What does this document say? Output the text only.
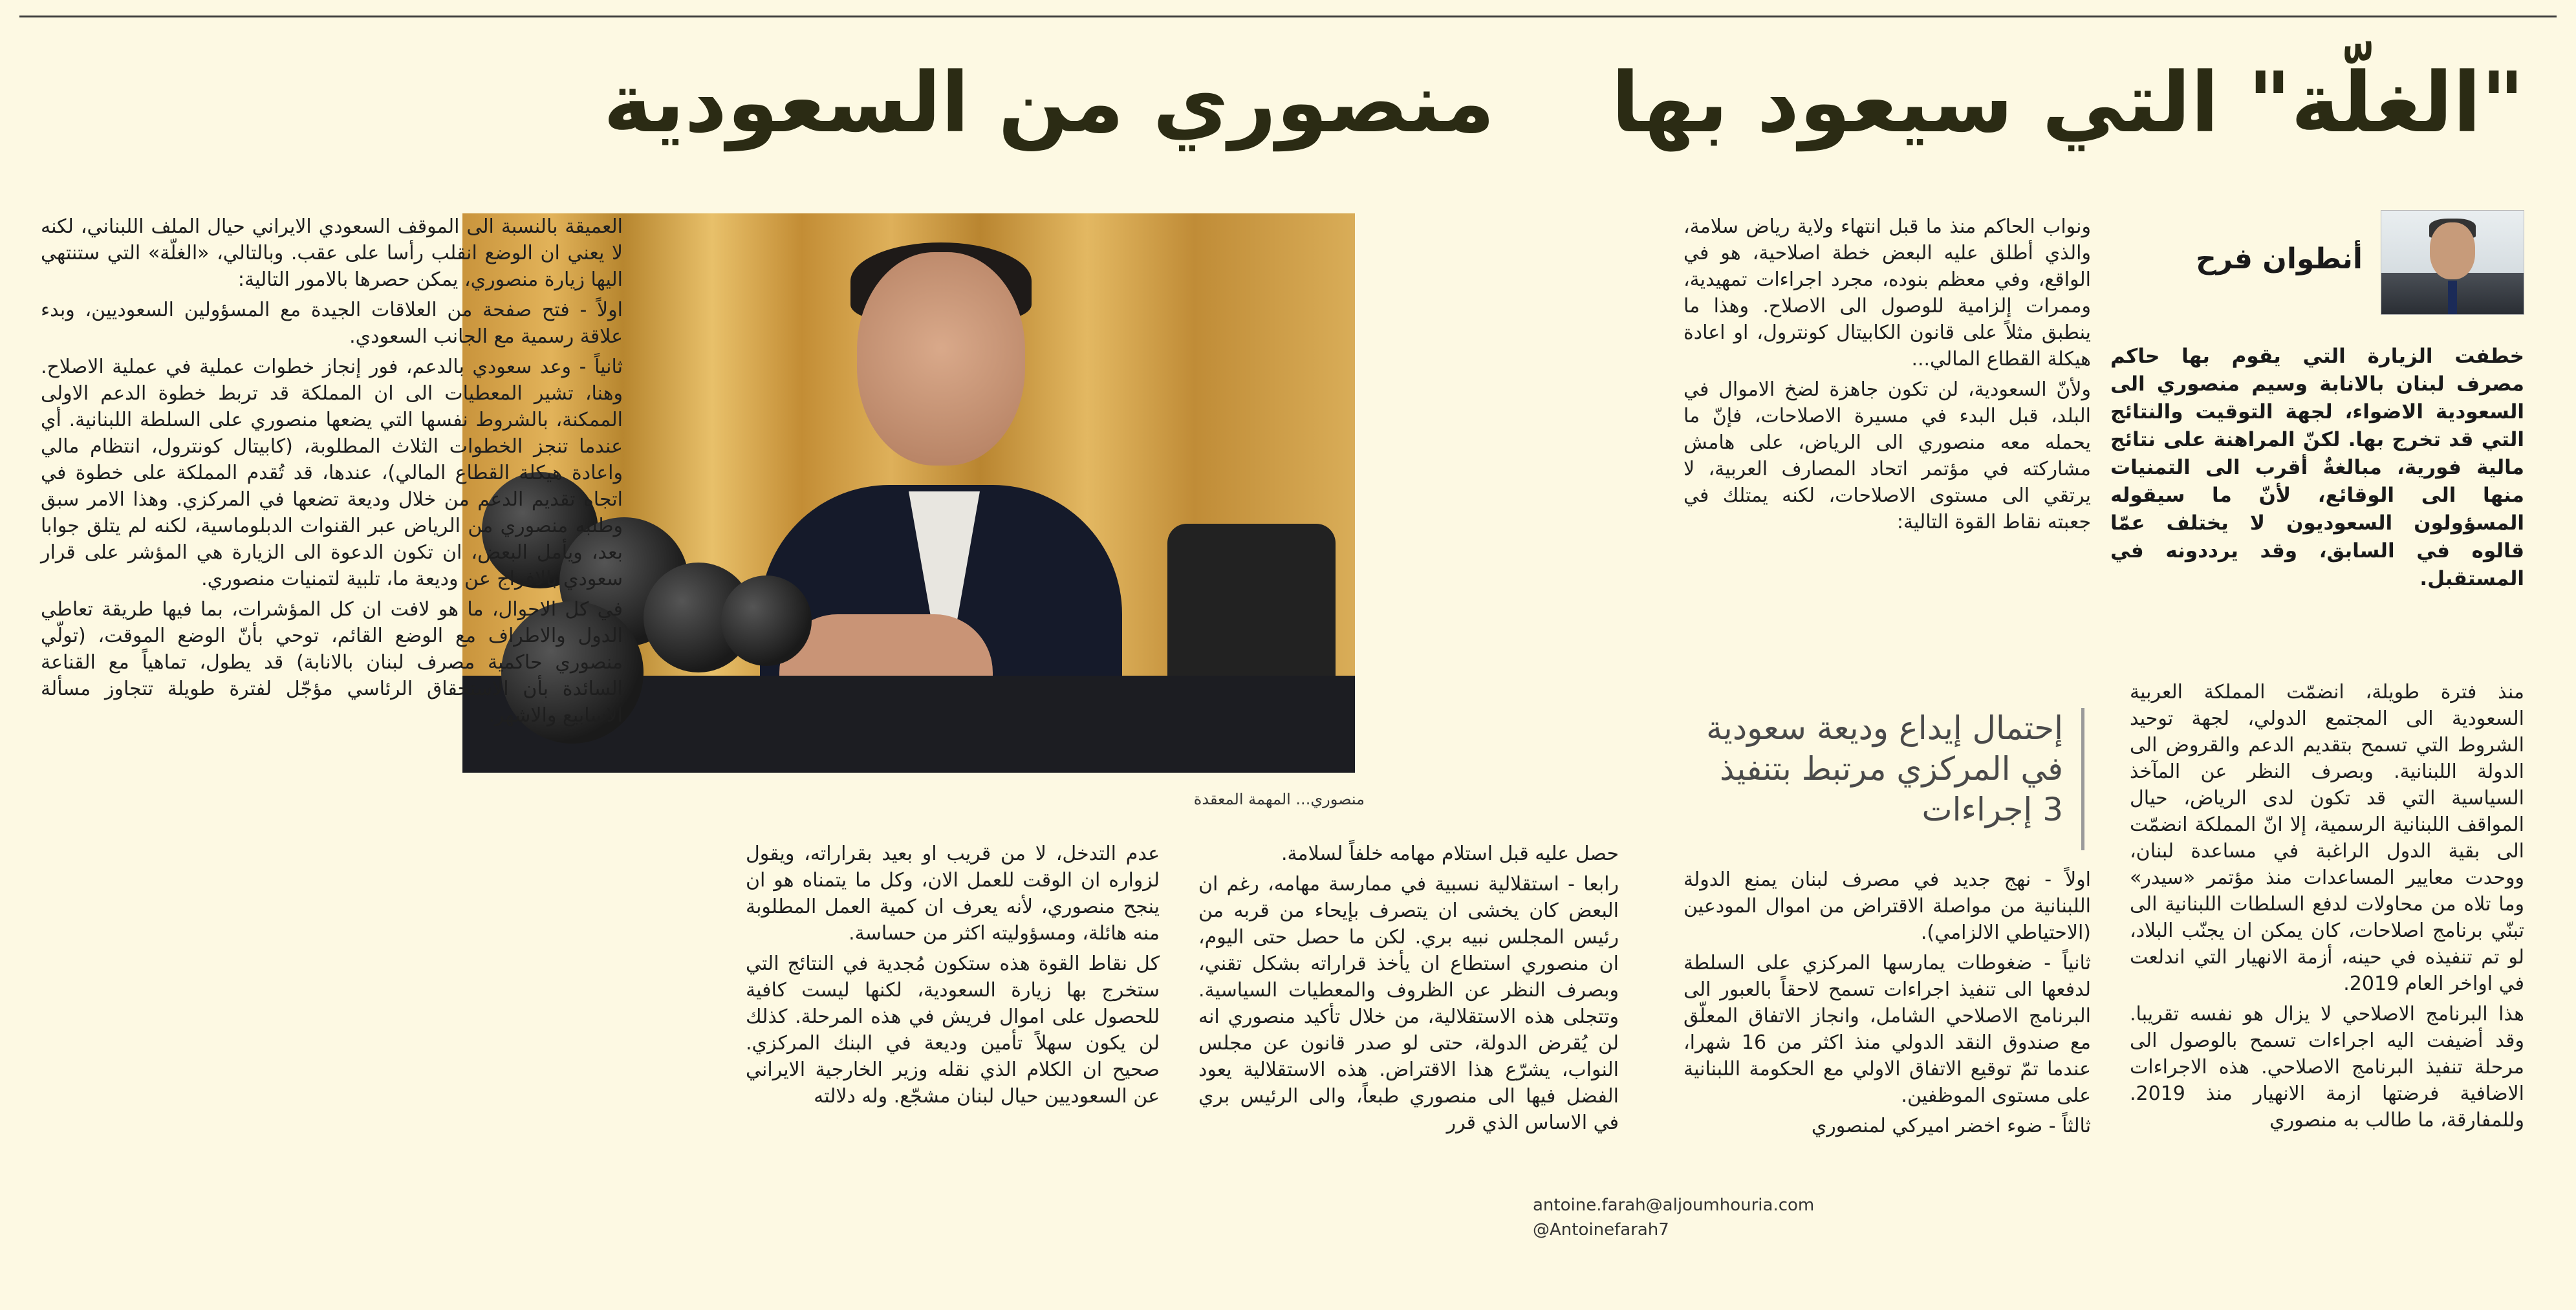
"الغلّة" التي سيعود بها
منصوري من السعودية
أنطوان فرح
خطفت الزيارة التي يقوم بها حاكم مصرف لبنان بالانابة وسيم منصوري الى السعودية الاضواء، لجهة التوقيت والنتائج التي قد تخرج بها. لكنّ المراهنة على نتائج مالية فورية، مبالغةٌ أقرب الى التمنيات منها الى الوقائع، لأنّ ما سيقوله المسؤولون السعوديون لا يختلف عمّا قالوه في السابق، وقد يرددونه في المستقبل.

منذ فترة طويلة، انضمّت المملكة العربية السعودية الى المجتمع الدولي، لجهة توحيد الشروط التي تسمح بتقديم الدعم والقروض الى الدولة اللبنانية. وبصرف النظر عن المآخذ السياسية التي قد تكون لدى الرياض، حيال المواقف اللبنانية الرسمية، إلا انّ المملكة انضمّت الى بقية الدول الراغبة في مساعدة لبنان، ووحدت معايير المساعدات منذ مؤتمر «سيدر» وما تلاه من محاولات لدفع السلطات اللبنانية الى تبنّي برنامج اصلاحات، كان يمكن ان يجنّب البلاد، لو تم تنفيذه في حينه، أزمة الانهيار التي اندلعت في اواخر العام 2019.

هذا البرنامج الاصلاحي لا يزال هو نفسه تقريبا. وقد أضيفت اليه اجراءات تسمح بالوصول الى مرحلة تنفيذ البرنامج الاصلاحي. هذه الاجراءات الاضافية فرضتها ازمة الانهيار منذ 2019. وللمفارقة، ما طالب به منصوري

ونواب الحاكم منذ ما قبل انتهاء ولاية رياض سلامة، والذي أطلق عليه البعض خطة اصلاحية، هو في الواقع، وفي معظم بنوده، مجرد اجراءات تمهيدية، وممرات إلزامية للوصول الى الاصلاح. وهذا ما ينطبق مثلاً على قانون الكابيتال كونترول، او اعادة هيكلة القطاع المالي...

ولأنّ السعودية، لن تكون جاهزة لضخ الاموال في البلد، قبل البدء في مسيرة الاصلاحات، فإنّ ما يحمله معه منصوري الى الرياض، على هامش مشاركته في مؤتمر اتحاد المصارف العربية، لا يرتقي الى مستوى الاصلاحات، لكنه يمتلك في جعبته نقاط القوة التالية:

إحتمال إيداع وديعة سعودية في المركزي مرتبط بتنفيذ 3 إجراءات

اولاً - نهج جديد في مصرف لبنان يمنع الدولة اللبنانية من مواصلة الاقتراض من اموال المودعين (الاحتياطي الالزامي).

ثانياً - ضغوطات يمارسها المركزي على السلطة لدفعها الى تنفيذ اجراءات تسمح لاحقاً بالعبور الى البرنامج الاصلاحي الشامل، وانجاز الاتفاق المعلّق مع صندوق النقد الدولي منذ اكثر من 16 شهرا، عندما تمّ توقيع الاتفاق الاولي مع الحكومة اللبنانية على مستوى الموظفين.

ثالثاً - ضوء اخضر اميركي لمنصوري

منصوري... المهمة المعقدة

حصل عليه قبل استلام مهامه خلفاً لسلامة.

رابعا - استقلالية نسبية في ممارسة مهامه، رغم ان البعض كان يخشى ان يتصرف بإيحاء من قربه من رئيس المجلس نبيه بري. لكن ما حصل حتى اليوم، ان منصوري استطاع ان يأخذ قراراته بشكل تقني، وبصرف النظر عن الظروف والمعطيات السياسية. وتتجلى هذه الاستقلالية، من خلال تأكيد منصوري انه لن يُقرض الدولة، حتى لو صدر قانون عن مجلس النواب، يشرّع هذا الاقتراض. هذه الاستقلالية يعود الفضل فيها الى منصوري طبعاً، والى الرئيس بري في الاساس الذي قرر

عدم التدخل، لا من قريب او بعيد بقراراته، ويقول لزواره ان الوقت للعمل الان، وكل ما يتمناه هو ان ينجح منصوري، لأنه يعرف ان كمية العمل المطلوبة منه هائلة، ومسؤوليته اكثر من حساسة.

كل نقاط القوة هذه ستكون مُجدية في النتائج التي ستخرج بها زيارة السعودية، لكنها ليست كافية للحصول على اموال فريش في هذه المرحلة. كذلك لن يكون سهلاً تأمين وديعة في البنك المركزي. صحيح ان الكلام الذي نقله وزير الخارجية الايراني عن السعوديين حيال لبنان مشجّع. وله دلالته

antoine.farah@aljoumhouria.com
@Antoinefarah7

العميقة بالنسبة الى الموقف السعودي الايراني حيال الملف اللبناني، لكنه لا يعني ان الوضع انقلب رأسا على عقب. وبالتالي، «الغلّة» التي ستنتهي اليها زيارة منصوري، يمكن حصرها بالامور التالية:

اولاً - فتح صفحة من العلاقات الجيدة مع المسؤولين السعوديين، وبدء علاقة رسمية مع الجانب السعودي.

ثانياً - وعد سعودي بالدعم، فور إنجاز خطوات عملية في عملية الاصلاح. وهنا، تشير المعطيات الى ان المملكة قد تربط خطوة الدعم الاولى الممكنة، بالشروط نفسها التي يضعها منصوري على السلطة اللبنانية. أي عندما تنجز الخطوات الثلاث المطلوبة، (كابيتال كونترول، انتظام مالي واعادة هيكلة القطاع المالي)، عندها، قد تُقدم المملكة على خطوة في اتجاه تقديم الدعم من خلال وديعة تضعها في المركزي. وهذا الامر سبق وطلبه منصوري من الرياض عبر القنوات الدبلوماسية، لكنه لم يتلق جوابا بعد، ويأمل البعض، ان تكون الدعوة الى الزيارة هي المؤشر على قرار سعودي بالافراج عن وديعة ما، تلبية لتمنيات منصوري.

في كل الاحوال، ما هو لافت ان كل المؤشرات، بما فيها طريقة تعاطي الدول والاطراف مع الوضع القائم، توحي بأنّ الوضع الموقت، (تولّي منصوري حاكمية مصرف لبنان بالانابة) قد يطول، تماهياً مع القناعة السائدة بأن الاستحقاق الرئاسي مؤجّل لفترة طويلة تتجاوز مسألة الاسابيع والاشهر.
